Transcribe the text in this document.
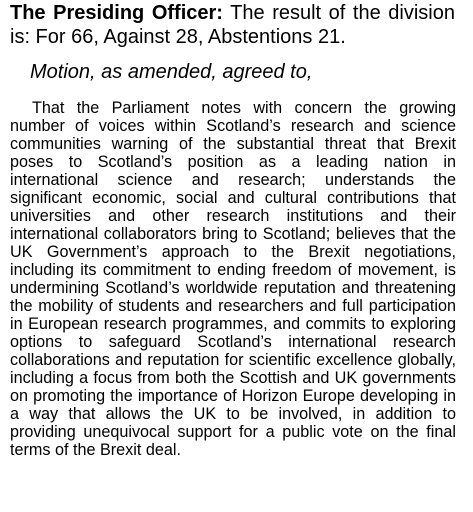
The Presiding Officer: The result of the division is: For 66, Against 28, Abstentions 21.

Motion, as amended, agreed to,

That the Parliament notes with concern the growing number of voices within Scotland’s research and science communities warning of the substantial threat that Brexit poses to Scotland’s position as a leading nation in international science and research; understands the significant economic, social and cultural contributions that universities and other research institutions and their international collaborators bring to Scotland; believes that the UK Government’s approach to the Brexit negotiations, including its commitment to ending freedom of movement, is undermining Scotland’s worldwide reputation and threatening the mobility of students and researchers and full participation in European research programmes, and commits to exploring options to safeguard Scotland’s international research collaborations and reputation for scientific excellence globally, including a focus from both the Scottish and UK governments on promoting the importance of Horizon Europe developing in a way that allows the UK to be involved, in addition to providing unequivocal support for a public vote on the final terms of the Brexit deal.
